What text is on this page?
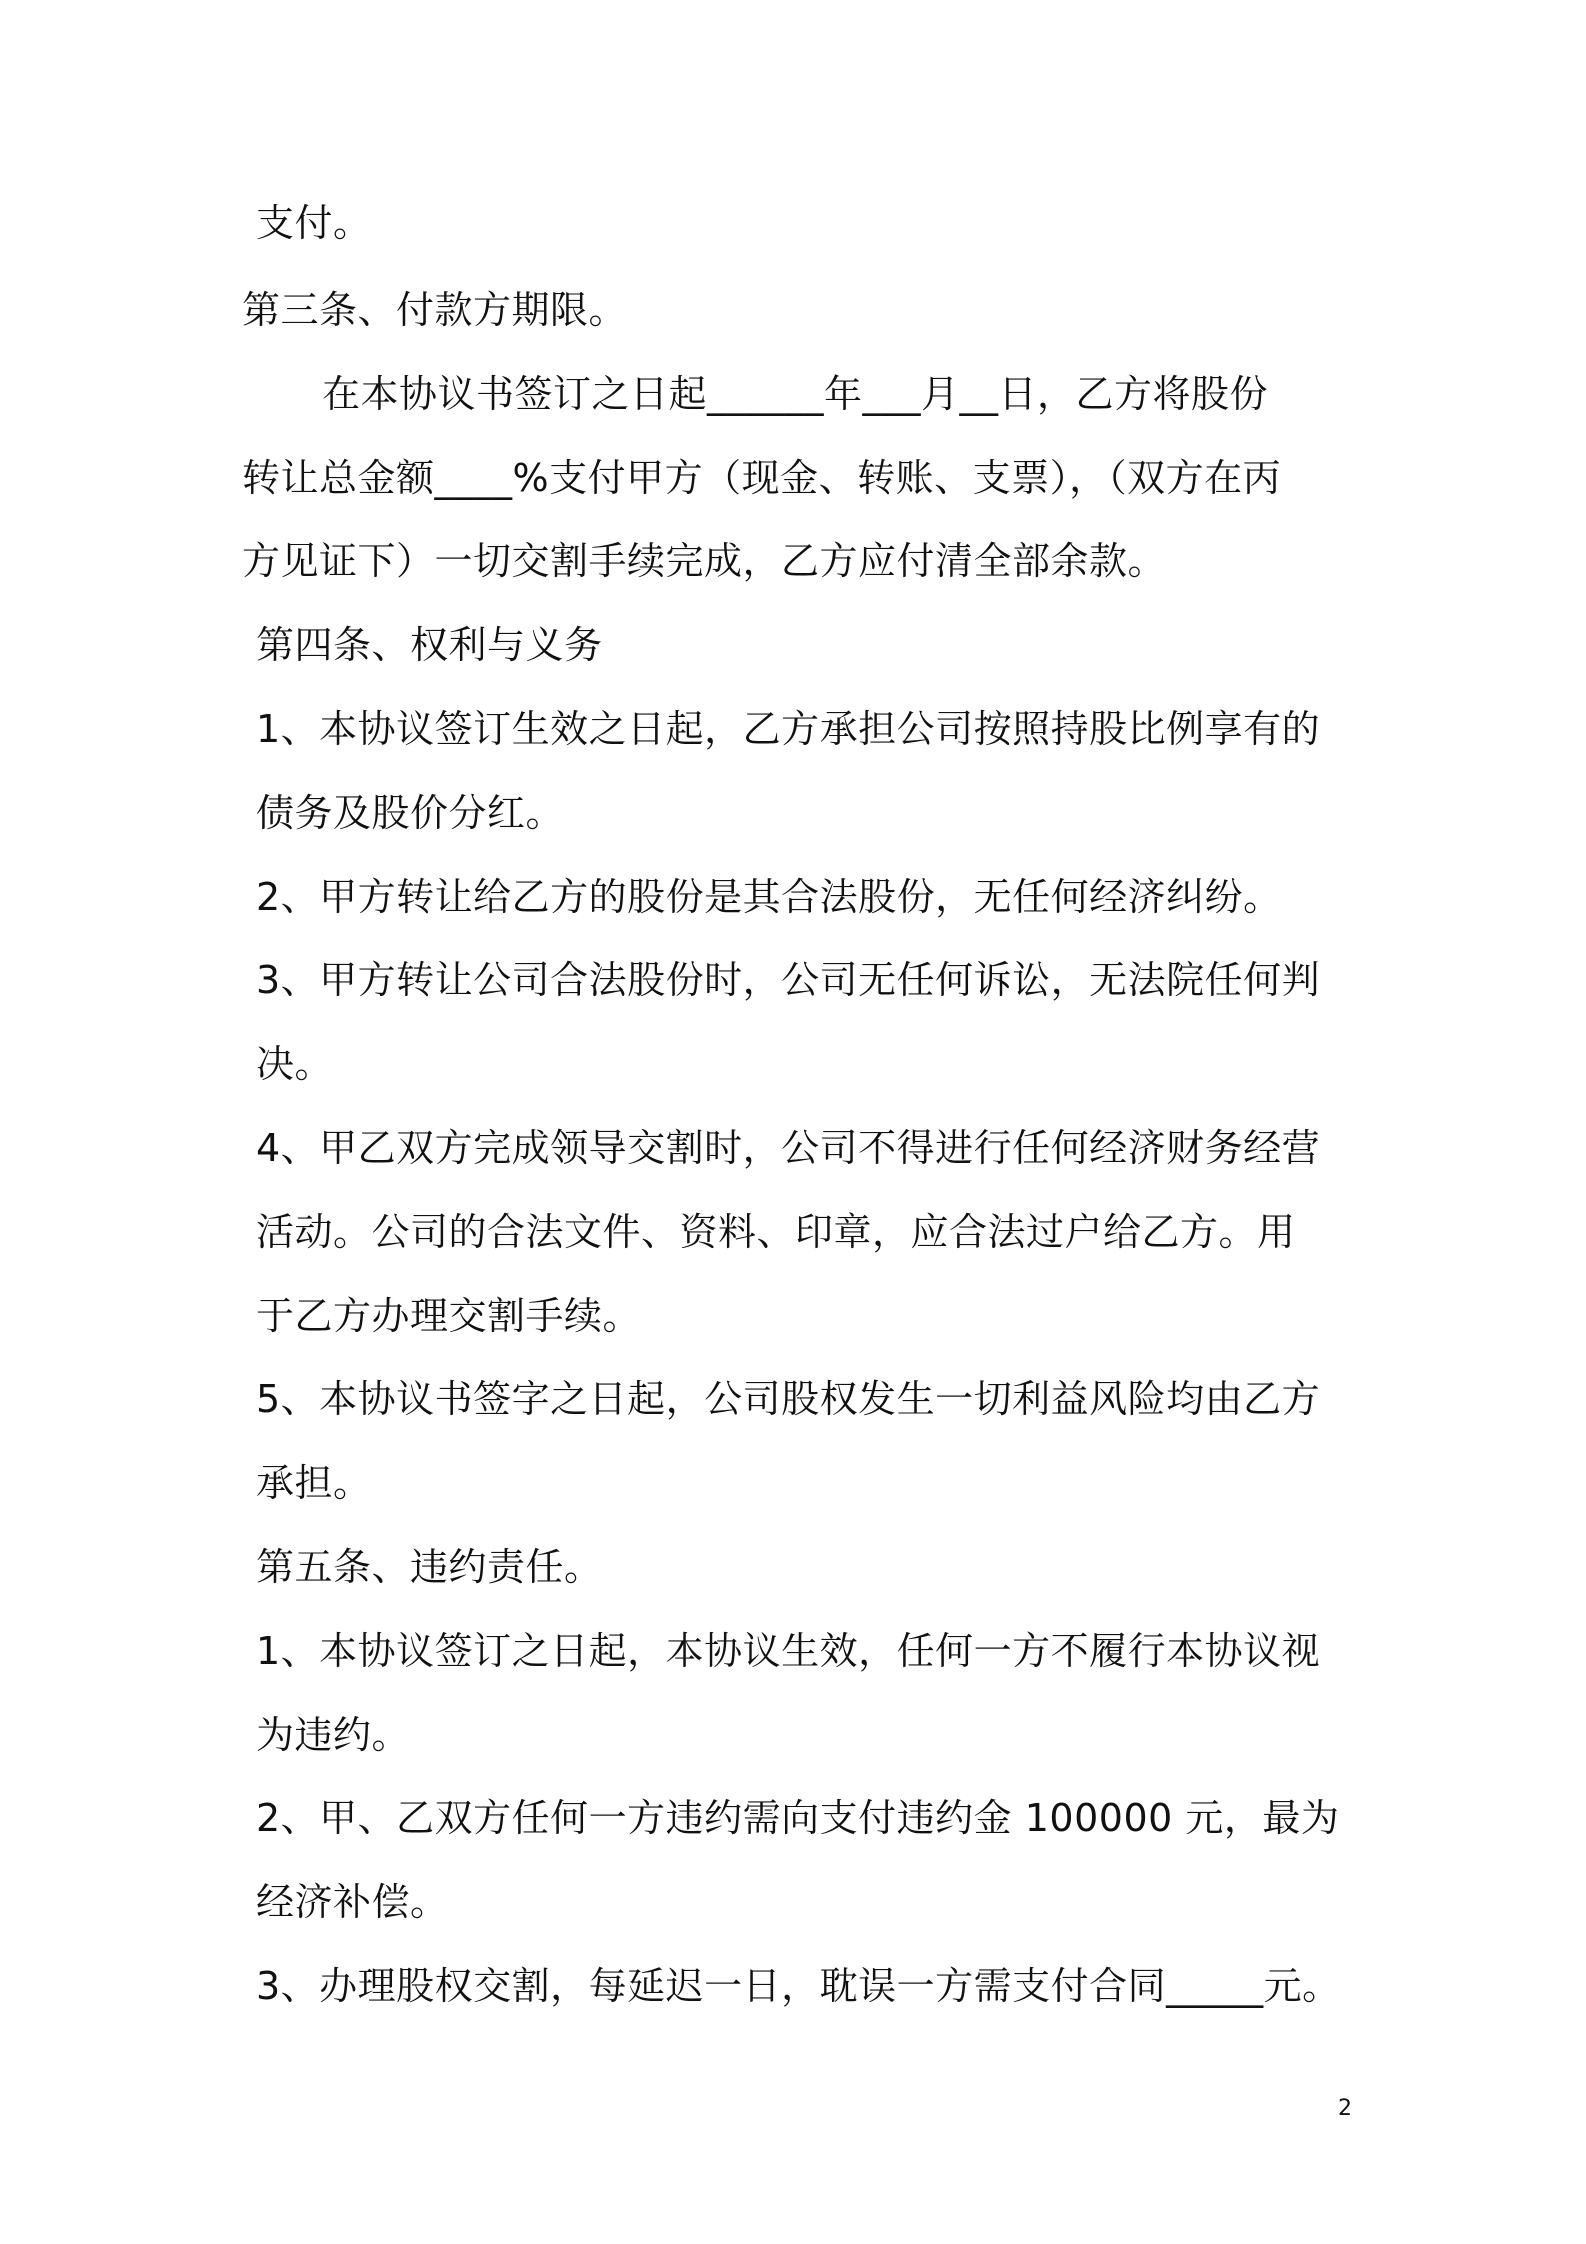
支付。
第三条、付款方期限。
在本协议书签订之日起______年___月__日，乙方将股份
转让总金额____%支付甲方（现金、转账、支票），（双方在丙
方见证下）一切交割手续完成，乙方应付清全部余款。
第四条、权利与义务
1、本协议签订生效之日起，乙方承担公司按照持股比例享有的
债务及股价分红。
2、甲方转让给乙方的股份是其合法股份，无任何经济纠纷。
3、甲方转让公司合法股份时，公司无任何诉讼，无法院任何判
决。
4、甲乙双方完成领导交割时，公司不得进行任何经济财务经营
活动。公司的合法文件、资料、印章，应合法过户给乙方。用
于乙方办理交割手续。
5、本协议书签字之日起，公司股权发生一切利益风险均由乙方
承担。
第五条、违约责任。
1、本协议签订之日起，本协议生效，任何一方不履行本协议视
为违约。
2、甲、乙双方任何一方违约需向支付违约金 100000 元，最为
经济补偿。
3、办理股权交割，每延迟一日，耽误一方需支付合同_____元。
2
